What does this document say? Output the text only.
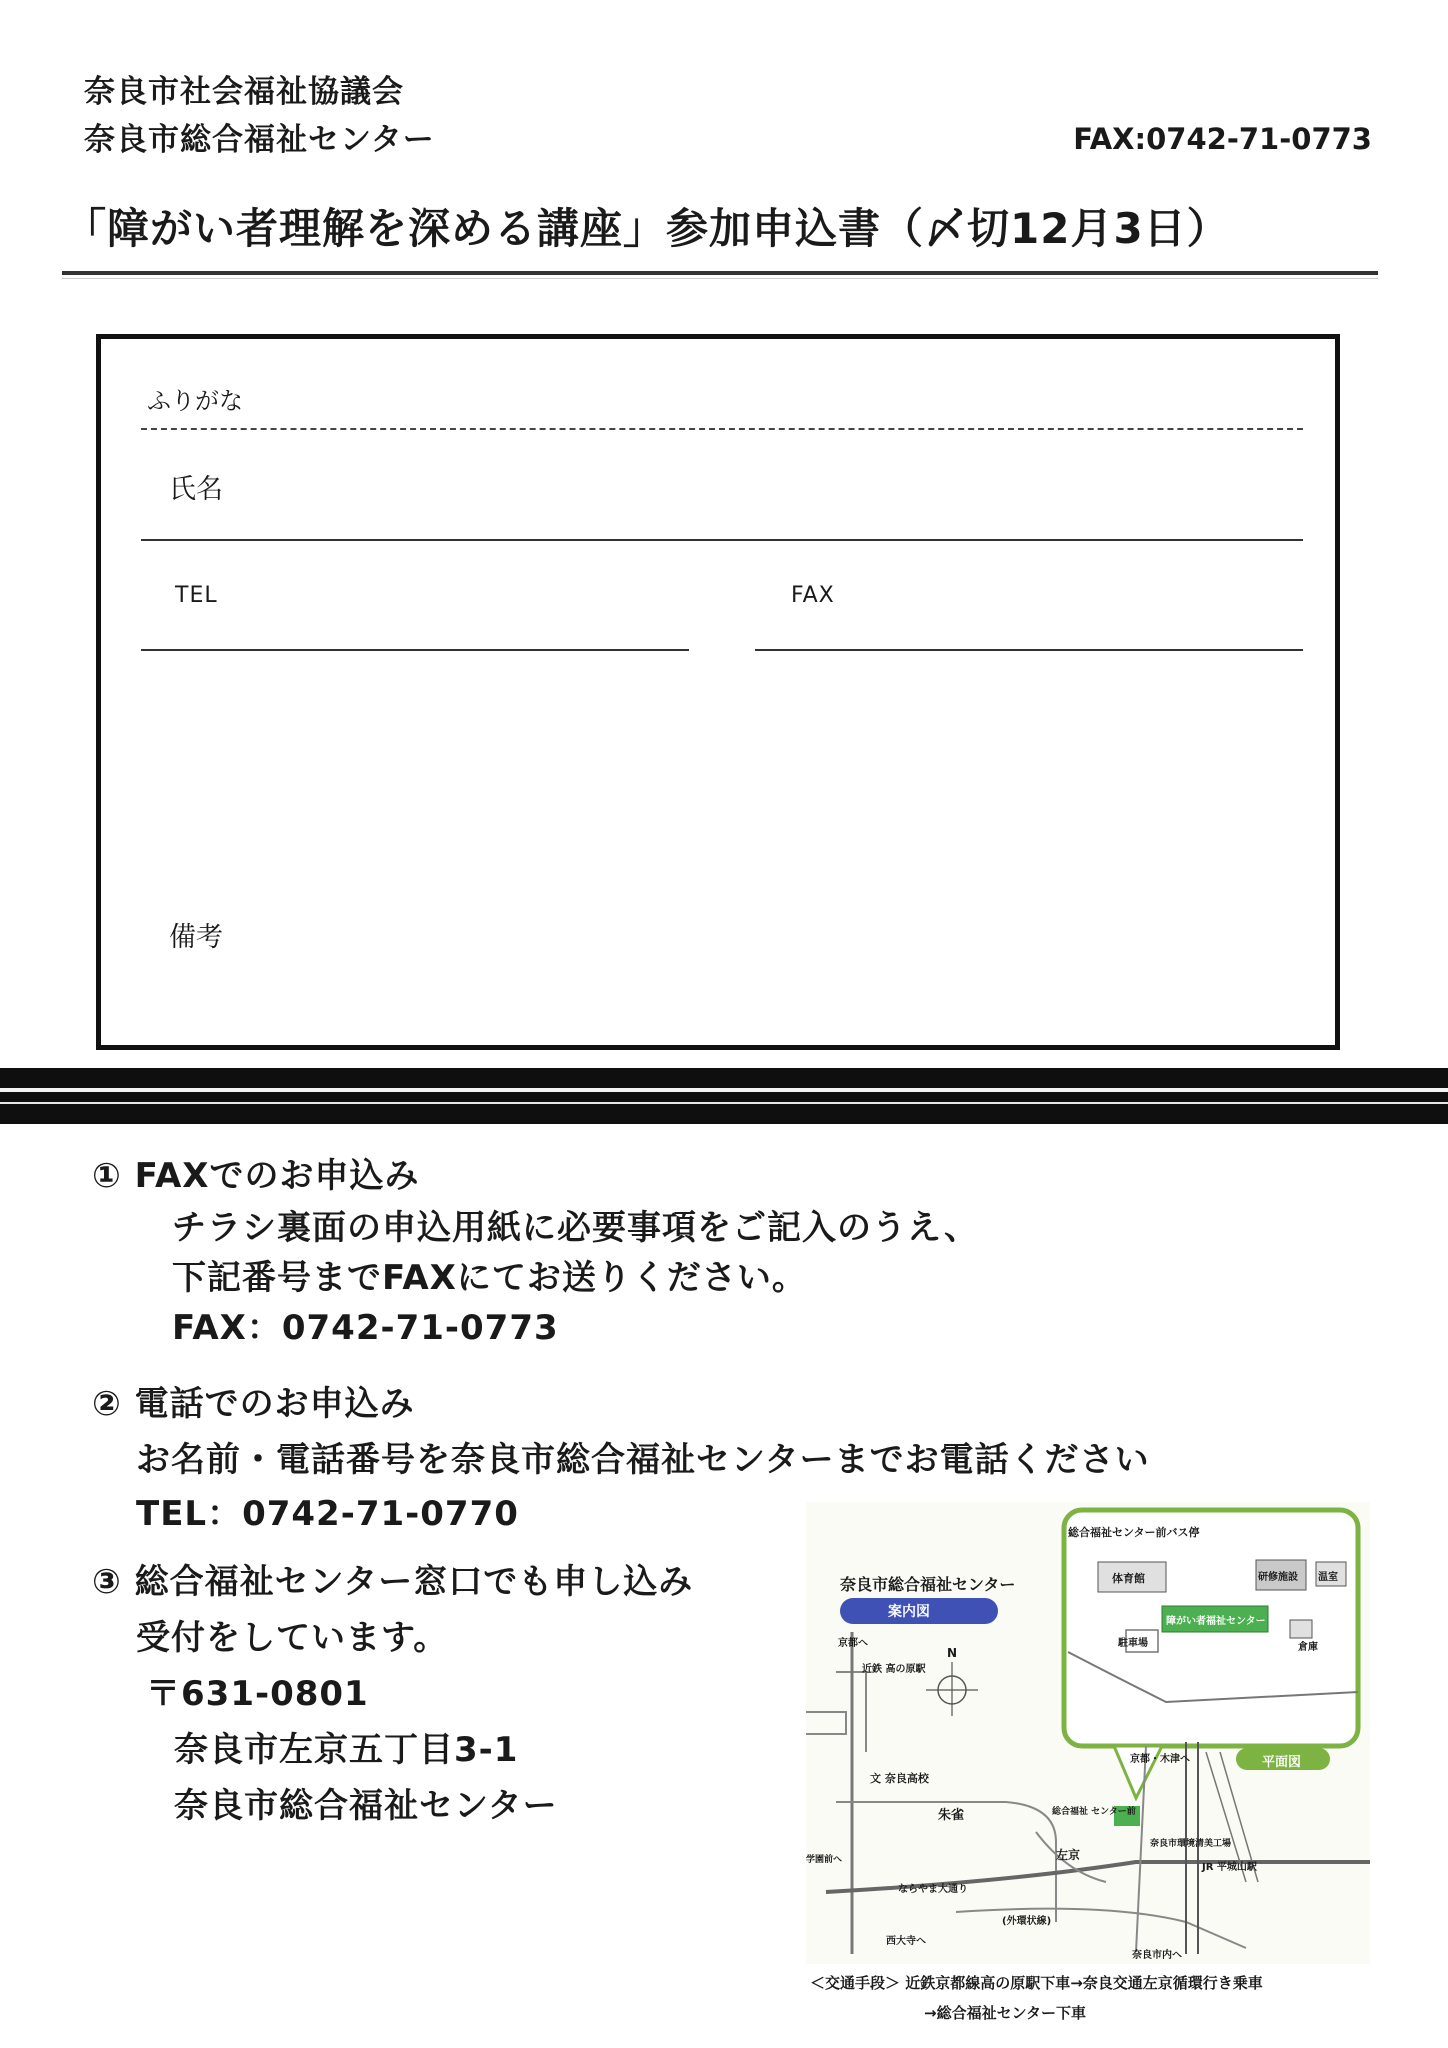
奈良市社会福祉協議会
奈良市総合福祉センター	FAX:0742-71-0773
「障がい者理解を深める講座」参加申込書（〆切12月3日）
ふりがな
氏名
TEL	FAX
備考
① FAXでのお申込み
チラシ裏面の申込用紙に必要事項をご記入のうえ、
下記番号までFAXにてお送りください。
FAX：0742-71-0773
② 電話でのお申込み
お名前・電話番号を奈良市総合福祉センターまでお電話ください
TEL：0742-71-0770
③ 総合福祉センター窓口でも申し込み
受付をしています。
〒631-0801
奈良市左京五丁目3-1
奈良市総合福祉センター
奈良市総合福祉センター
案内図
平面図
総合福祉センター前バス停
体育館	研修施設 温室
障がい者福祉センター
駐車場	倉庫
近鉄 高の原駅
京都へ
京都・木津へ
文 奈良高校
朱雀
左京
総合福祉 センター前
ならやま大通り
(外環状線)
学園前へ
西大寺へ
奈良市内へ
JR 平城山駅
奈良市環境清美工場
N
＜交通手段＞ 近鉄京都線高の原駅下車→奈良交通左京循環行き乗車
→総合福祉センター下車
